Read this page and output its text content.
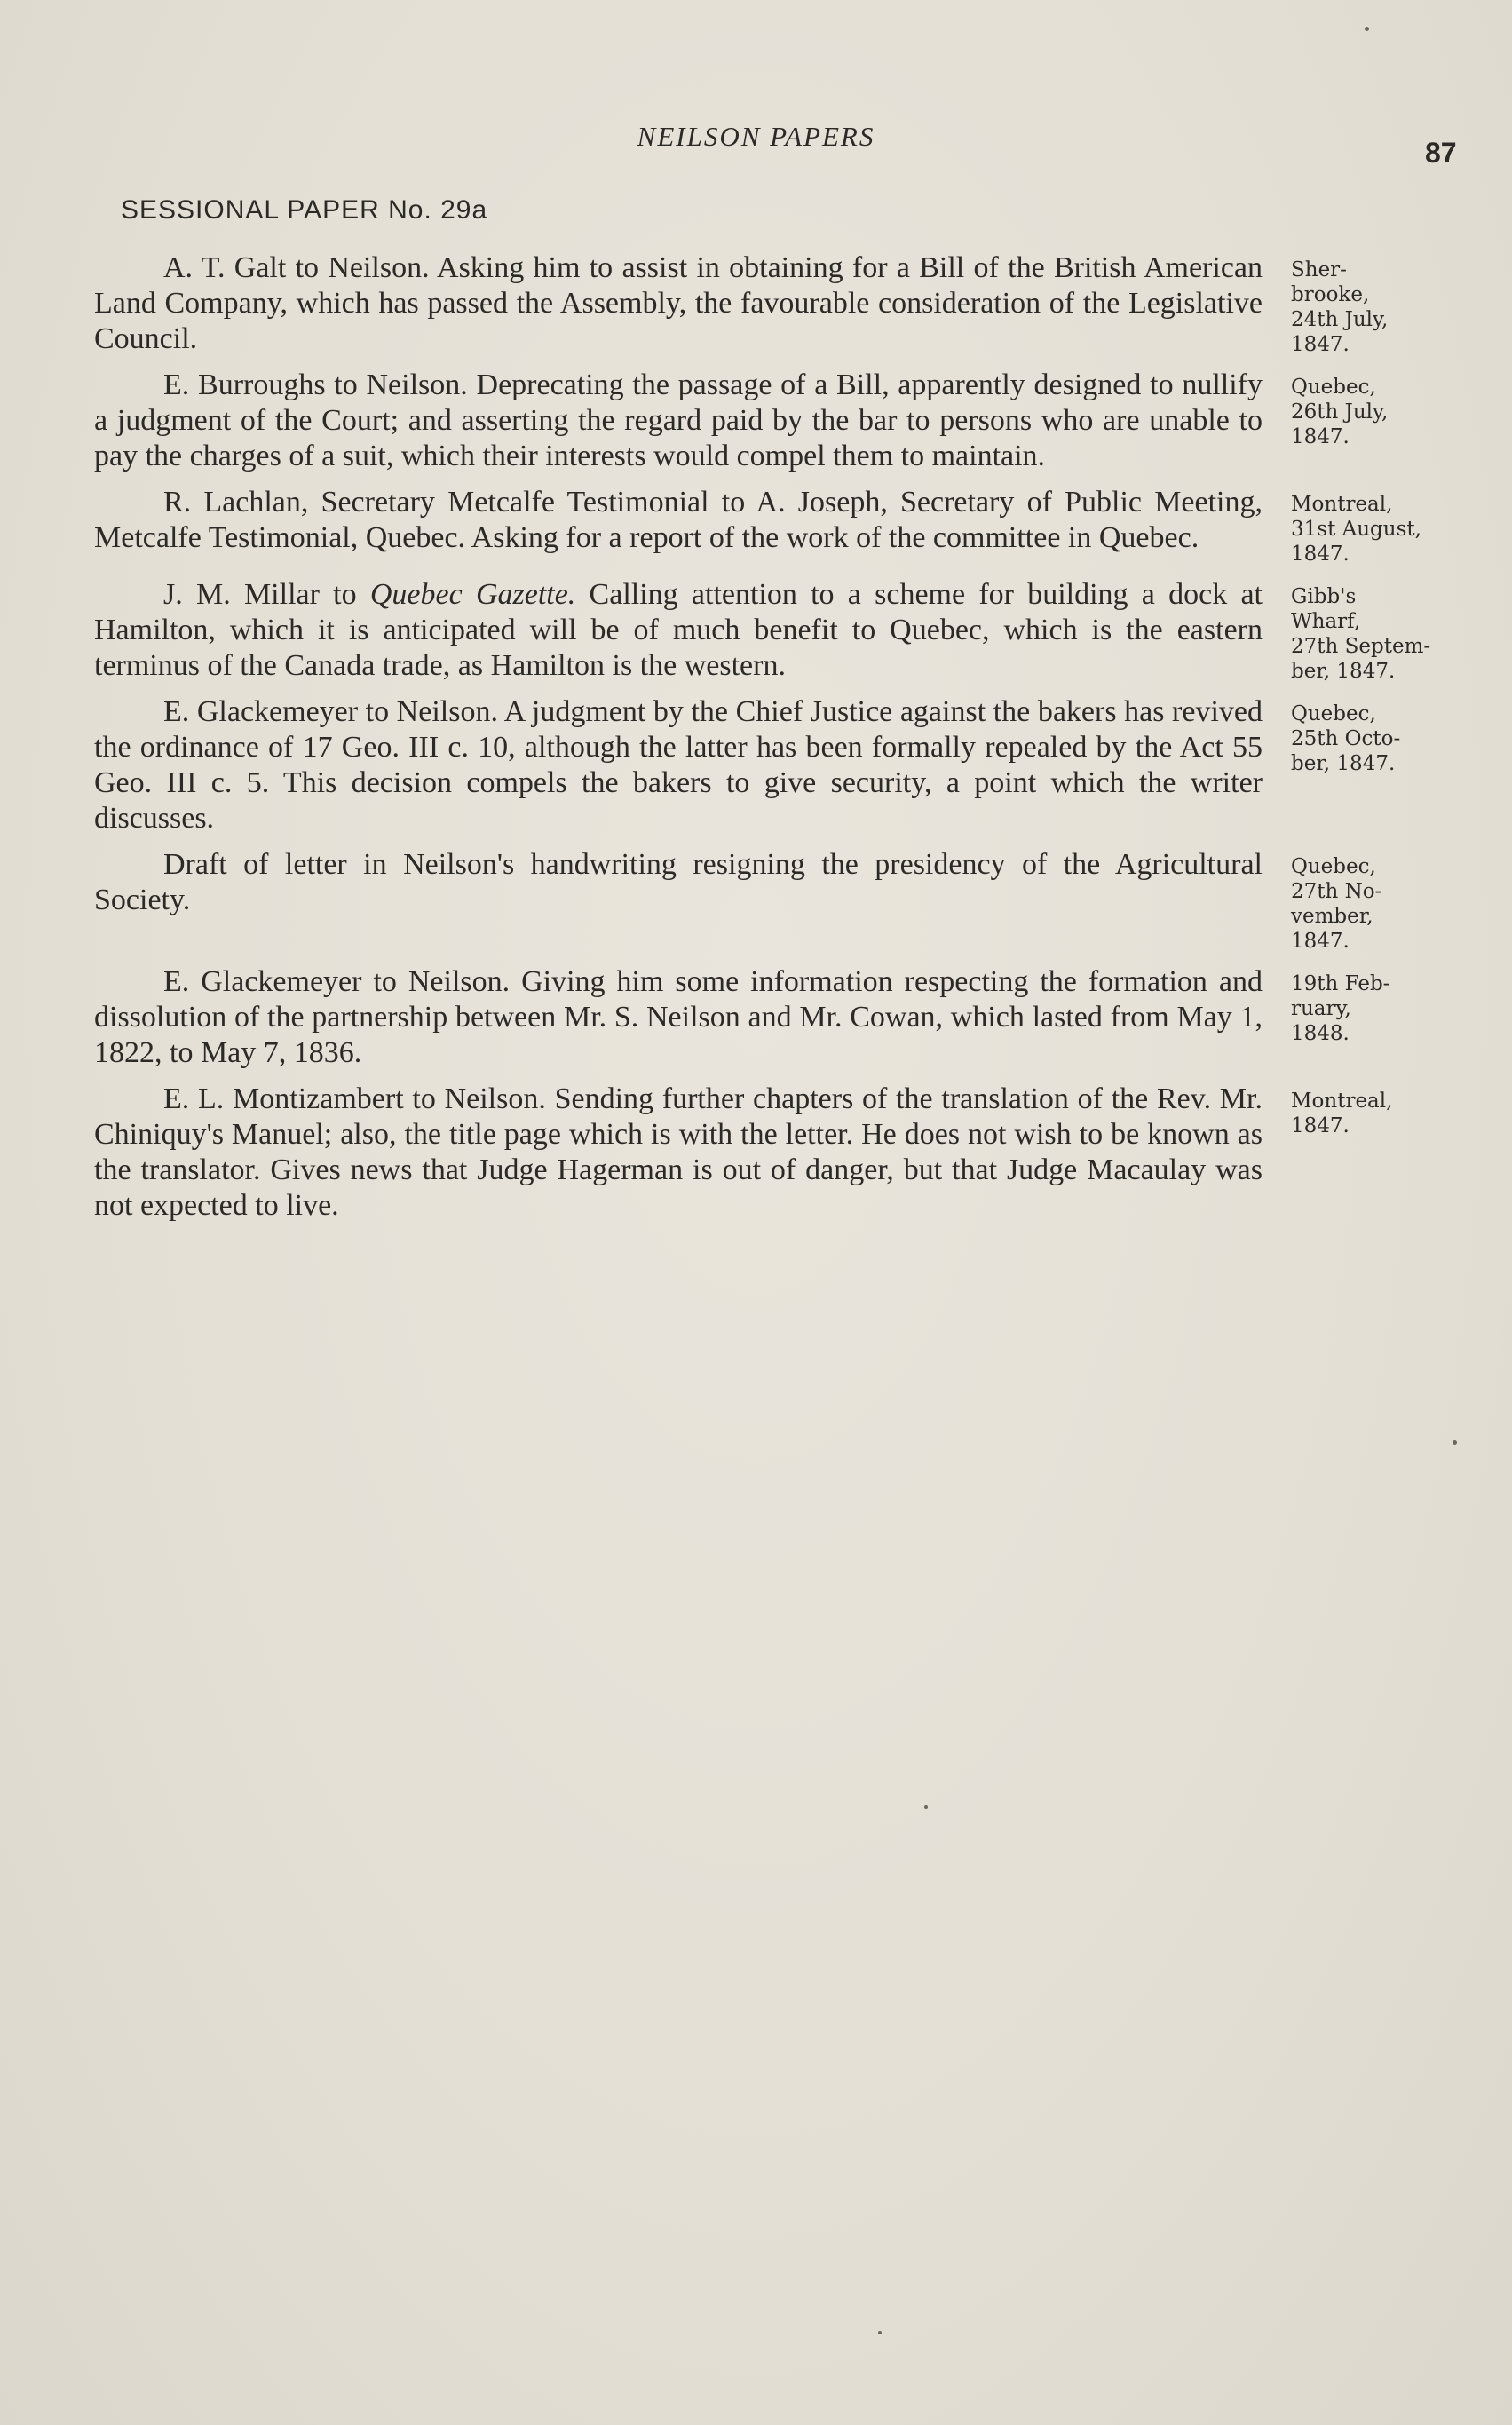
NEILSON PAPERS
87
SESSIONAL PAPER No. 29a
A. T. Galt to Neilson. Asking him to assist in obtaining for a Bill of the British American Land Company, which has passed the Assembly, the favourable consideration of the Legislative Council.
Sher-
brooke,
24th July,
1847.
E. Burroughs to Neilson. Deprecating the passage of a Bill, apparently designed to nullify a judgment of the Court; and asserting the regard paid by the bar to persons who are unable to pay the charges of a suit, which their interests would compel them to maintain.
Quebec,
26th July,
1847.
R. Lachlan, Secretary Metcalfe Testimonial to A. Joseph, Secretary of Public Meeting, Metcalfe Testimonial, Quebec. Asking for a report of the work of the committee in Quebec.
Montreal,
31st August,
1847.
J. M. Millar to Quebec Gazette. Calling attention to a scheme for building a dock at Hamilton, which it is anticipated will be of much benefit to Quebec, which is the eastern terminus of the Canada trade, as Hamilton is the western.
Gibb's
Wharf,
27th Septem-
ber, 1847.
E. Glackemeyer to Neilson. A judgment by the Chief Justice against the bakers has revived the ordinance of 17 Geo. III c. 10, although the latter has been formally repealed by the Act 55 Geo. III c. 5. This decision compels the bakers to give security, a point which the writer discusses.
Quebec,
25th Octo-
ber, 1847.
Draft of letter in Neilson's handwriting resigning the presidency of the Agricultural Society.
Quebec,
27th No-
vember,
1847.
E. Glackemeyer to Neilson. Giving him some information respecting the formation and dissolution of the partnership between Mr. S. Neilson and Mr. Cowan, which lasted from May 1, 1822, to May 7, 1836.
19th Feb-
ruary,
1848.
E. L. Montizambert to Neilson. Sending further chapters of the translation of the Rev. Mr. Chiniquy's Manuel; also, the title page which is with the letter. He does not wish to be known as the translator. Gives news that Judge Hagerman is out of danger, but that Judge Macaulay was not expected to live.
Montreal,
1847.
